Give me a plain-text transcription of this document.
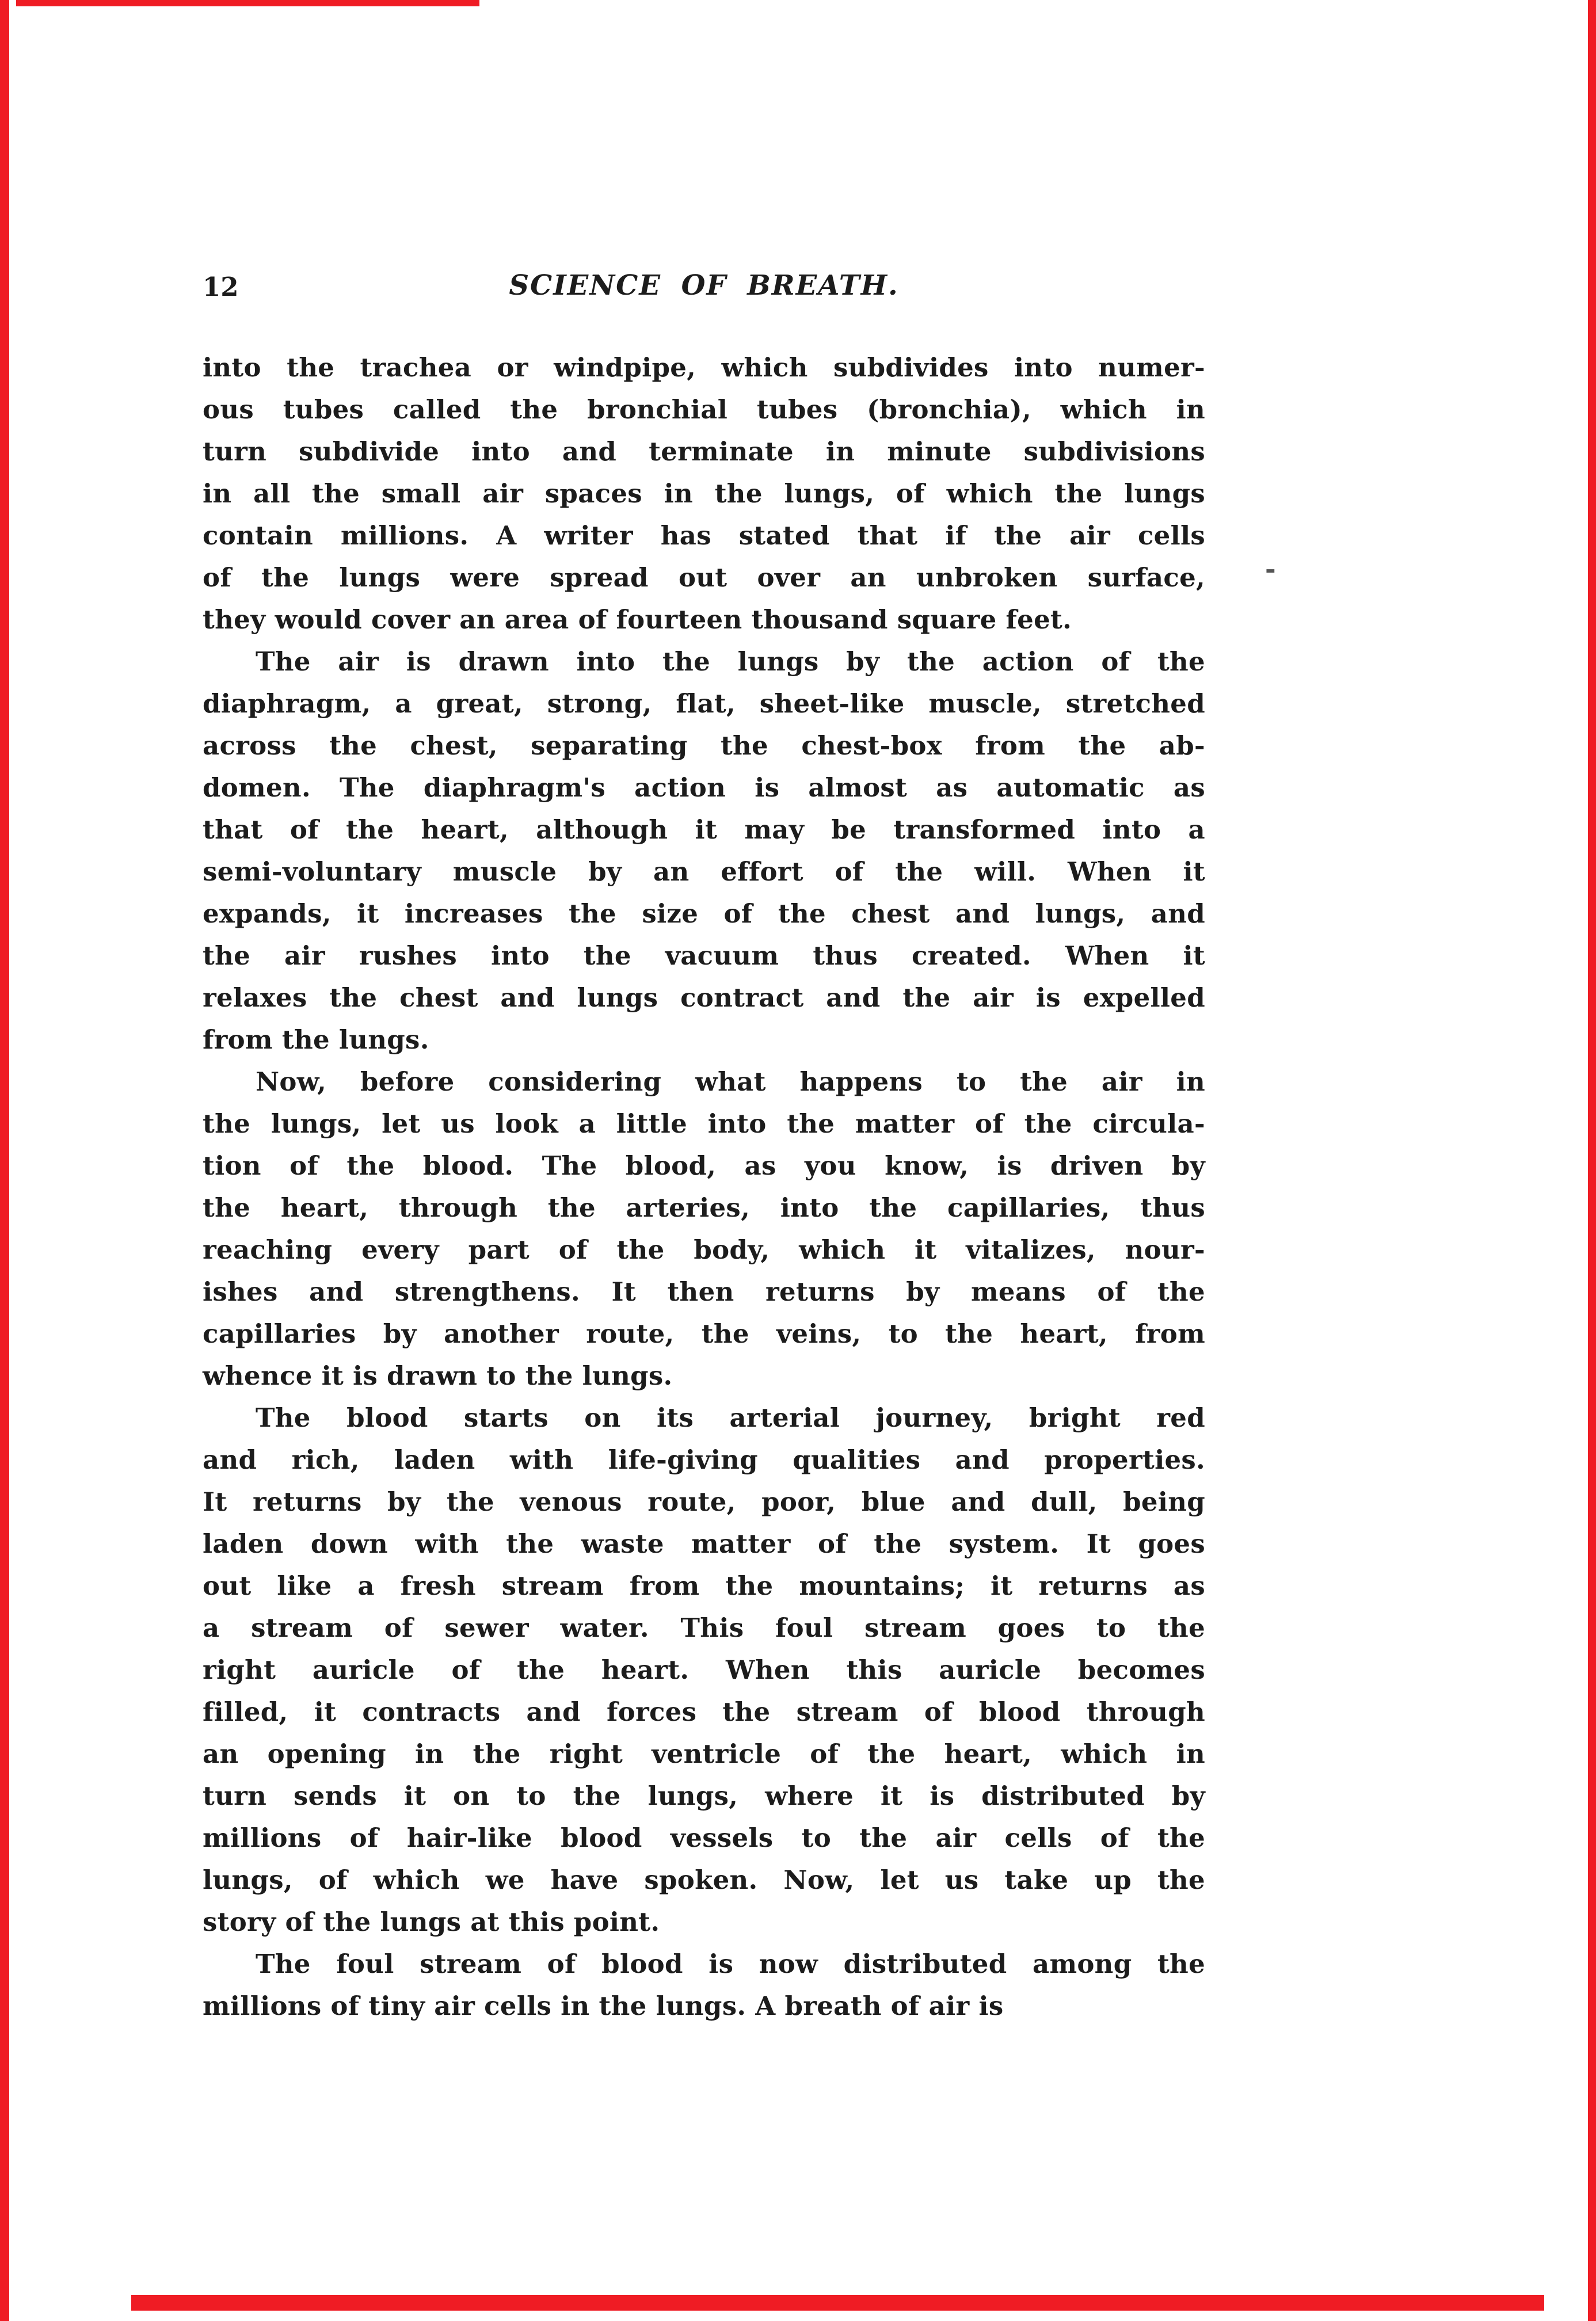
12	SCIENCE OF BREATH.
into the trachea or windpipe, which subdivides into numer-
ous tubes called the bronchial tubes (bronchia), which in
turn subdivide into and terminate in minute subdivisions
in all the small air spaces in the lungs, of which the lungs
contain millions. A writer has stated that if the air cells
of the lungs were spread out over an unbroken surface,
they would cover an area of fourteen thousand square feet.
The air is drawn into the lungs by the action of the
diaphragm, a great, strong, flat, sheet-like muscle, stretched
across the chest, separating the chest-box from the ab-
domen. The diaphragm's action is almost as automatic as
that of the heart, although it may be transformed into a
semi-voluntary muscle by an effort of the will. When it
expands, it increases the size of the chest and lungs, and
the air rushes into the vacuum thus created. When it
relaxes the chest and lungs contract and the air is expelled
from the lungs.
Now, before considering what happens to the air in
the lungs, let us look a little into the matter of the circula-
tion of the blood. The blood, as you know, is driven by
the heart, through the arteries, into the capillaries, thus
reaching every part of the body, which it vitalizes, nour-
ishes and strengthens. It then returns by means of the
capillaries by another route, the veins, to the heart, from
whence it is drawn to the lungs.
The blood starts on its arterial journey, bright red
and rich, laden with life-giving qualities and properties.
It returns by the venous route, poor, blue and dull, being
laden down with the waste matter of the system. It goes
out like a fresh stream from the mountains; it returns as
a stream of sewer water. This foul stream goes to the
right auricle of the heart. When this auricle becomes
filled, it contracts and forces the stream of blood through
an opening in the right ventricle of the heart, which in
turn sends it on to the lungs, where it is distributed by
millions of hair-like blood vessels to the air cells of the
lungs, of which we have spoken. Now, let us take up the
story of the lungs at this point.
The foul stream of blood is now distributed among the
millions of tiny air cells in the lungs. A breath of air is
-
